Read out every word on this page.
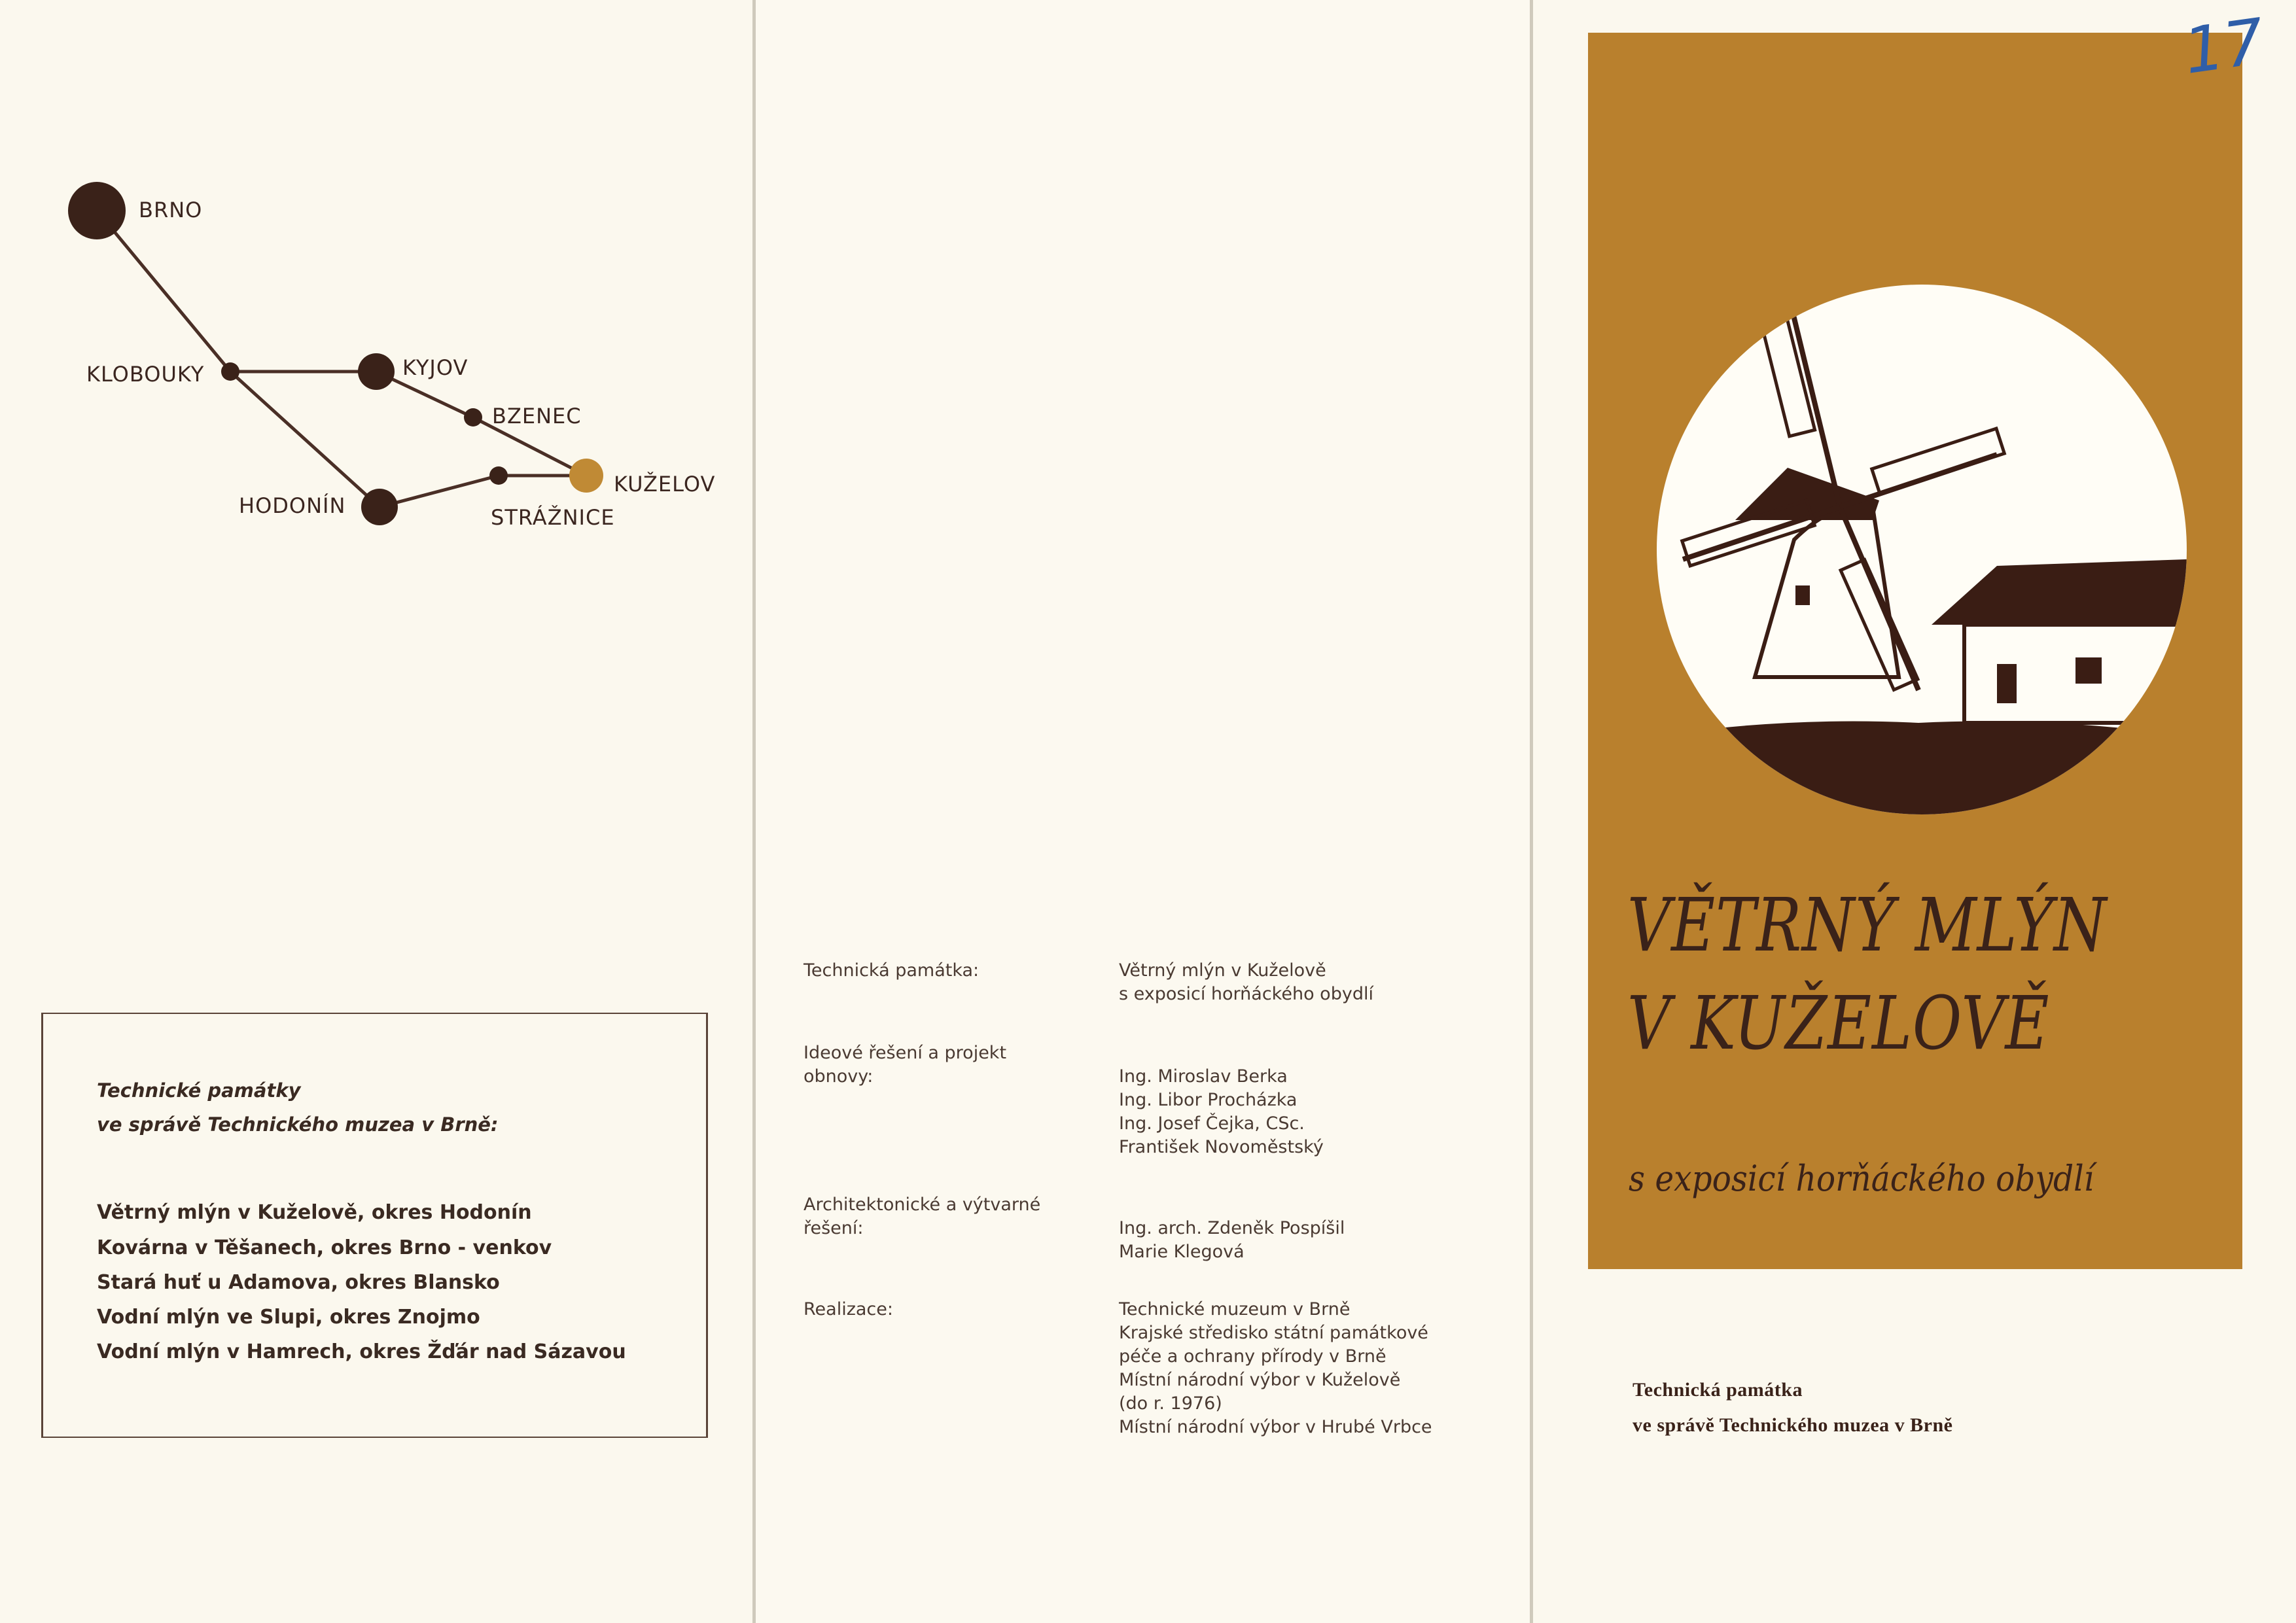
BRNO
KLOBOUKY	KYJOV
BZENEC
HODONÍN	STRÁŽNICE
KUŽELOV
Technické památky
ve správě Technického muzea v Brně:
Větrný mlýn v Kuželově, okres Hodonín
Kovárna v Těšanech, okres Brno - venkov
Stará huť u Adamova, okres Blansko
Vodní mlýn ve Slupi, okres Znojmo
Vodní mlýn v Hamrech, okres Žďár nad Sázavou
Technická památka:	Větrný mlýn v Kuželově
s exposicí horňáckého obydlí
Ideové řešení a projekt
obnovy:	Ing. Miroslav Berka
Ing. Libor Procházka
Ing. Josef Čejka, CSc.
František Novoměstský
Architektonické a výtvarné
řešení:	Ing. arch. Zdeněk Pospíšil
Marie Klegová
Realizace:	Technické muzeum v Brně
Krajské středisko státní památkové
péče a ochrany přírody v Brně
Místní národní výbor v Kuželově
(do r. 1976)
Místní národní výbor v Hrubé Vrbce
VĚTRNÝ MLÝN
V KUŽELOVĚ
s exposicí horňáckého obydlí
Technická památka
ve správě Technického muzea v Brně
17
